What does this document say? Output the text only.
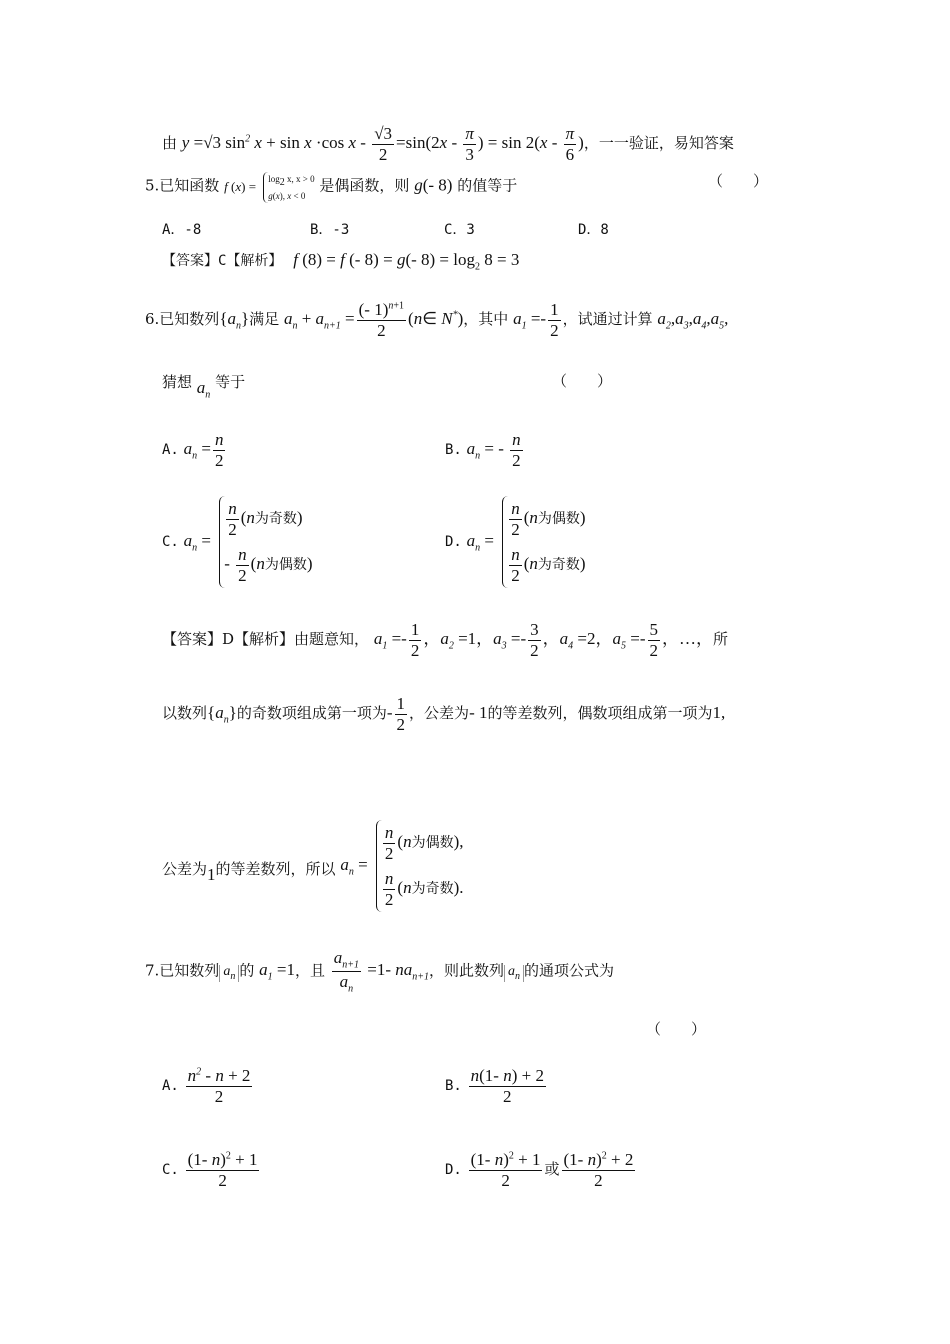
由 y =√3 $\sin^2 x + \sin x \cdot\cos$ $x - \frac{√3}{2} =\sin(2x - \frac{\pi}{3}$ ) = $\sin 2(x - \frac{\pi}{6}$ )，一一验证，易知答案
5.已知函数 f $(x) = \log_2 x$, x > 0
g(x), x < 0 是偶函数，则 g(- 8) 的值等于	（　　）
A．-8	B．-3	C．3	D．8
【答案】C【解析】 f (8) = f (- 8) = g(- $8) = \log_2 8 = 3$
6.已知数列$\{a_n\}$满足 $a_n + a_{n+1} = \frac{(- 1)^{n+1}}{2}$ (n∈ N*)，其中 $a_1 =- \frac{1}{2}$ ，试通过计算 $a_2,a_3,a_4,a_5$,
猜想 $a_n$ 等于	（　　）
A. $a_n = \frac{n}{2}$	B. $a_n$ = - $\frac{n}{2}$
C. $a_n$ =
$\frac{n}{2} (n$为奇数)
- $\frac{n}{2} (n$为偶数)
D. $a_n$ =
$\frac{n}{2} (n$为偶数)
$\frac{n}{2} (n$为奇数)
【答案】D【解析】由题意知， $a_1 =- \frac{1}{2}$ ，$a_2 =1$，$a_3 =- \frac{3}{2}$ ，$a_4 =2$，$a_5 =- \frac{5}{2}$ ，…，所
以数列$\{a_n\}$的奇数项组成第一项为- $\frac{1}{2}$ ，公差为- 1的等差数列，偶数项组成第一项为1,
公差为1的等差数列，所以 $a_n$ =
$\frac{n}{2} (n$为偶数),
$\frac{n}{2} (n$为奇数).
7.已知数列 $a_n$ 的 $a_1 =1$，且 $\frac{a_{n+1}}{a_n} =1-$ $na_{n+1}$，则此数列 $a_n$ 的通项公式为
（　　）
A. $\frac{n^2 - n + 2}{2}$	B. $\frac{n(1- n) + 2}{2}$
C. $\frac{(1- n)^2 + 1}{2}$	D. $\frac{(1- n)^2 + 1}{2}$ 或 $\frac{(1- n)^2 + 2}{2}$
